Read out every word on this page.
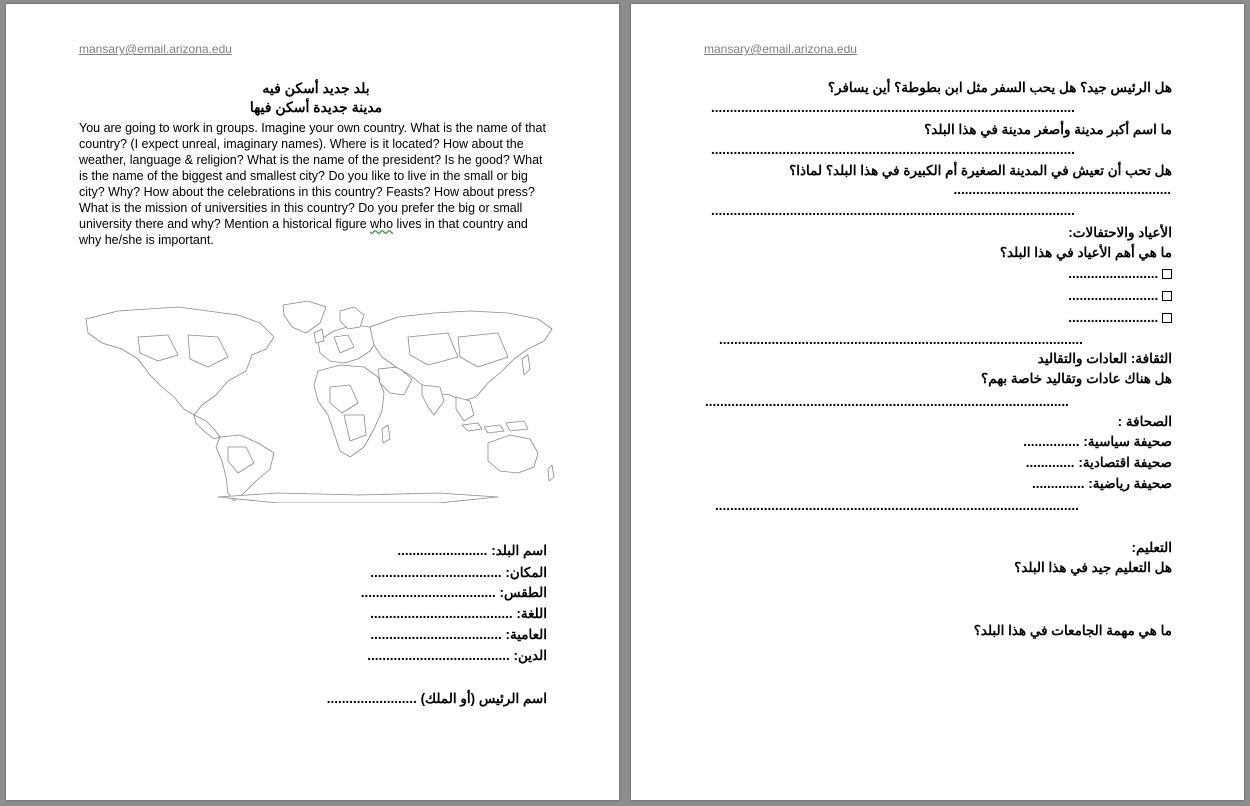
mansary@email.arizona.edu
بلد جديد أسكن فيه
مدينة جديدة أسكن فيها
You are going to work in groups. Imagine your own country. What is the name of that country? (I expect unreal, imaginary names). Where is it located? How about the weather, language & religion? What is the name of the president? Is he good? What is the name of the biggest and smallest city? Do you like to live in the small or big city? Why? How about the celebrations in this country? Feasts? How about press? What is the mission of universities in this country? Do you prefer the big or small university there and why? Mention a historical figure who lives in that country and why he/she is important.
اسم البلد: ........................
المكان: ...................................
الطقس: ....................................
اللغة: ......................................
العامية: ...................................
الدين: ......................................
اسم الرئيس (أو الملك) ........................
mansary@email.arizona.edu
هل الرئيس جيد؟ هل يحب السفر مثل ابن بطوطة؟ أين يسافر؟
.................................................................................................
ما اسم أكبر مدينة وأصغر مدينة في هذا البلد؟
.................................................................................................
هل تحب أن تعيش في المدينة الصغيرة أم الكبيرة في هذا البلد؟ لماذا؟
..........................................................
.................................................................................................
الأعياد والاحتفالات:
ما هي أهم الأعياد في هذا البلد؟
........................
........................
........................
.................................................................................................
الثقافة: العادات والتقاليد
هل هناك عادات وتقاليد خاصة بهم؟
.................................................................................................
الصحافة :
صحيفة سياسية: ...............
صحيفة اقتصادية: .............
صحيفة رياضية: ..............
.................................................................................................
التعليم:
هل التعليم جيد في هذا البلد؟
ما هي مهمة الجامعات في هذا البلد؟
